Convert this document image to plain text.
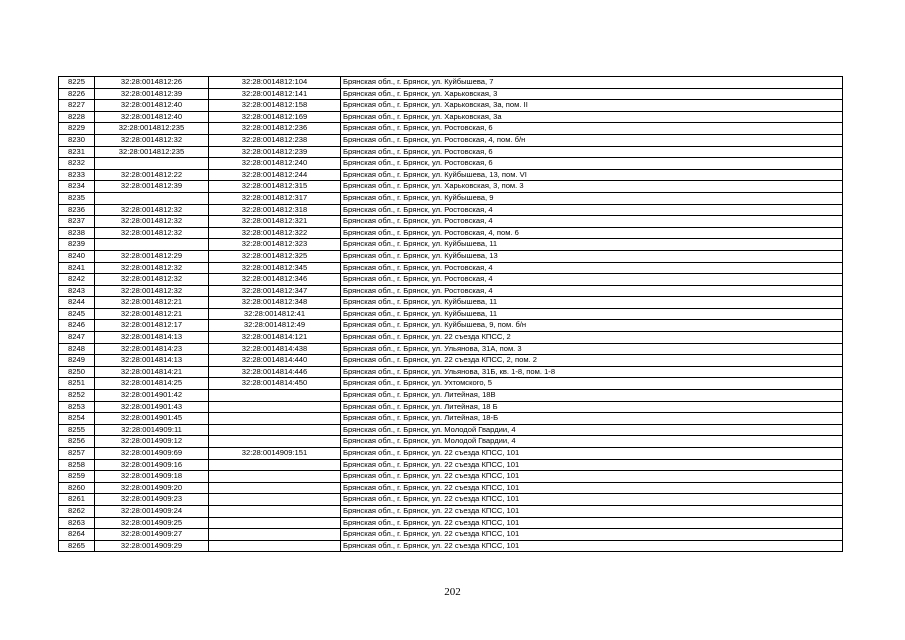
8225	32:28:0014812:26	32:28:0014812:104	Брянская обл., г. Брянск, ул. Куйбышева, 7
8226	32:28:0014812:39	32:28:0014812:141	Брянская обл., г. Брянск, ул. Харьковская, 3
8227	32:28:0014812:40	32:28:0014812:158	Брянская обл., г. Брянск, ул. Харьковская, 3а, пом. II
8228	32:28:0014812:40	32:28:0014812:169	Брянская обл., г. Брянск, ул. Харьковская, 3а
8229	32:28:0014812:235	32:28:0014812:236	Брянская обл., г. Брянск, ул. Ростовская, 6
8230	32:28:0014812:32	32:28:0014812:238	Брянская обл., г. Брянск, ул. Ростовская, 4, пом. б/н
8231	32:28:0014812:235	32:28:0014812:239	Брянская обл., г. Брянск, ул. Ростовская, 6
8232		32:28:0014812:240	Брянская обл., г. Брянск, ул. Ростовская, 6
8233	32:28:0014812:22	32:28:0014812:244	Брянская обл., г. Брянск, ул. Куйбышева, 13, пом. VI
8234	32:28:0014812:39	32:28:0014812:315	Брянская обл., г. Брянск, ул. Харьковская, 3, пом. 3
8235		32:28:0014812:317	Брянская обл., г. Брянск, ул. Куйбышева, 9
8236	32:28:0014812:32	32:28:0014812:318	Брянская обл., г. Брянск, ул. Ростовская, 4
8237	32:28:0014812:32	32:28:0014812:321	Брянская обл., г. Брянск, ул. Ростовская, 4
8238	32:28:0014812:32	32:28:0014812:322	Брянская обл., г. Брянск, ул. Ростовская, 4, пом. 6
8239		32:28:0014812:323	Брянская обл., г. Брянск, ул. Куйбышева, 11
8240	32:28:0014812:29	32:28:0014812:325	Брянская обл., г. Брянск, ул. Куйбышева, 13
8241	32:28:0014812:32	32:28:0014812:345	Брянская обл., г. Брянск, ул. Ростовская, 4
8242	32:28:0014812:32	32:28:0014812:346	Брянская обл., г. Брянск, ул. Ростовская, 4
8243	32:28:0014812:32	32:28:0014812:347	Брянская обл., г. Брянск, ул. Ростовская, 4
8244	32:28:0014812:21	32:28:0014812:348	Брянская обл., г. Брянск, ул. Куйбышева, 11
8245	32:28:0014812:21	32:28:0014812:41	Брянская обл., г. Брянск, ул. Куйбышева, 11
8246	32:28:0014812:17	32:28:0014812:49	Брянская обл., г. Брянск, ул. Куйбышева, 9, пом. б/н
8247	32:28:0014814:13	32:28:0014814:121	Брянская обл., г. Брянск, ул. 22 съезда КПСС, 2
8248	32:28:0014814:23	32:28:0014814:438	Брянская обл., г. Брянск, ул. Ульянова, 31А, пом. 3
8249	32:28:0014814:13	32:28:0014814:440	Брянская обл., г. Брянск, ул. 22 съезда КПСС, 2, пом. 2
8250	32:28:0014814:21	32:28:0014814:446	Брянская обл., г. Брянск, ул. Ульянова, 31Б, кв. 1-8, пом. 1-8
8251	32:28:0014814:25	32:28:0014814:450	Брянская обл., г. Брянск, ул. Ухтомского, 5
8252	32:28:0014901:42		Брянская обл., г. Брянск, ул. Литейная, 18В
8253	32:28:0014901:43		Брянская обл., г. Брянск, ул. Литейная, 18 Б
8254	32:28:0014901:45		Брянская обл., г. Брянск, ул. Литейная, 18-Б
8255	32:28:0014909:11		Брянская обл., г. Брянск, ул. Молодой Гвардии, 4
8256	32:28:0014909:12		Брянская обл., г. Брянск, ул. Молодой Гвардии, 4
8257	32:28:0014909:69	32:28:0014909:151	Брянская обл., г. Брянск, ул. 22 съезда КПСС, 101
8258	32:28:0014909:16		Брянская обл., г. Брянск, ул. 22 съезда КПСС, 101
8259	32:28:0014909:18		Брянская обл., г. Брянск, ул. 22 съезда КПСС, 101
8260	32:28:0014909:20		Брянская обл., г. Брянск, ул. 22 съезда КПСС, 101
8261	32:28:0014909:23		Брянская обл., г. Брянск, ул. 22 съезда КПСС, 101
8262	32:28:0014909:24		Брянская обл., г. Брянск, ул. 22 съезда КПСС, 101
8263	32:28:0014909:25		Брянская обл., г. Брянск, ул. 22 съезда КПСС, 101
8264	32:28:0014909:27		Брянская обл., г. Брянск, ул. 22 съезда КПСС, 101
8265	32:28:0014909:29		Брянская обл., г. Брянск, ул. 22 съезда КПСС, 101
202
